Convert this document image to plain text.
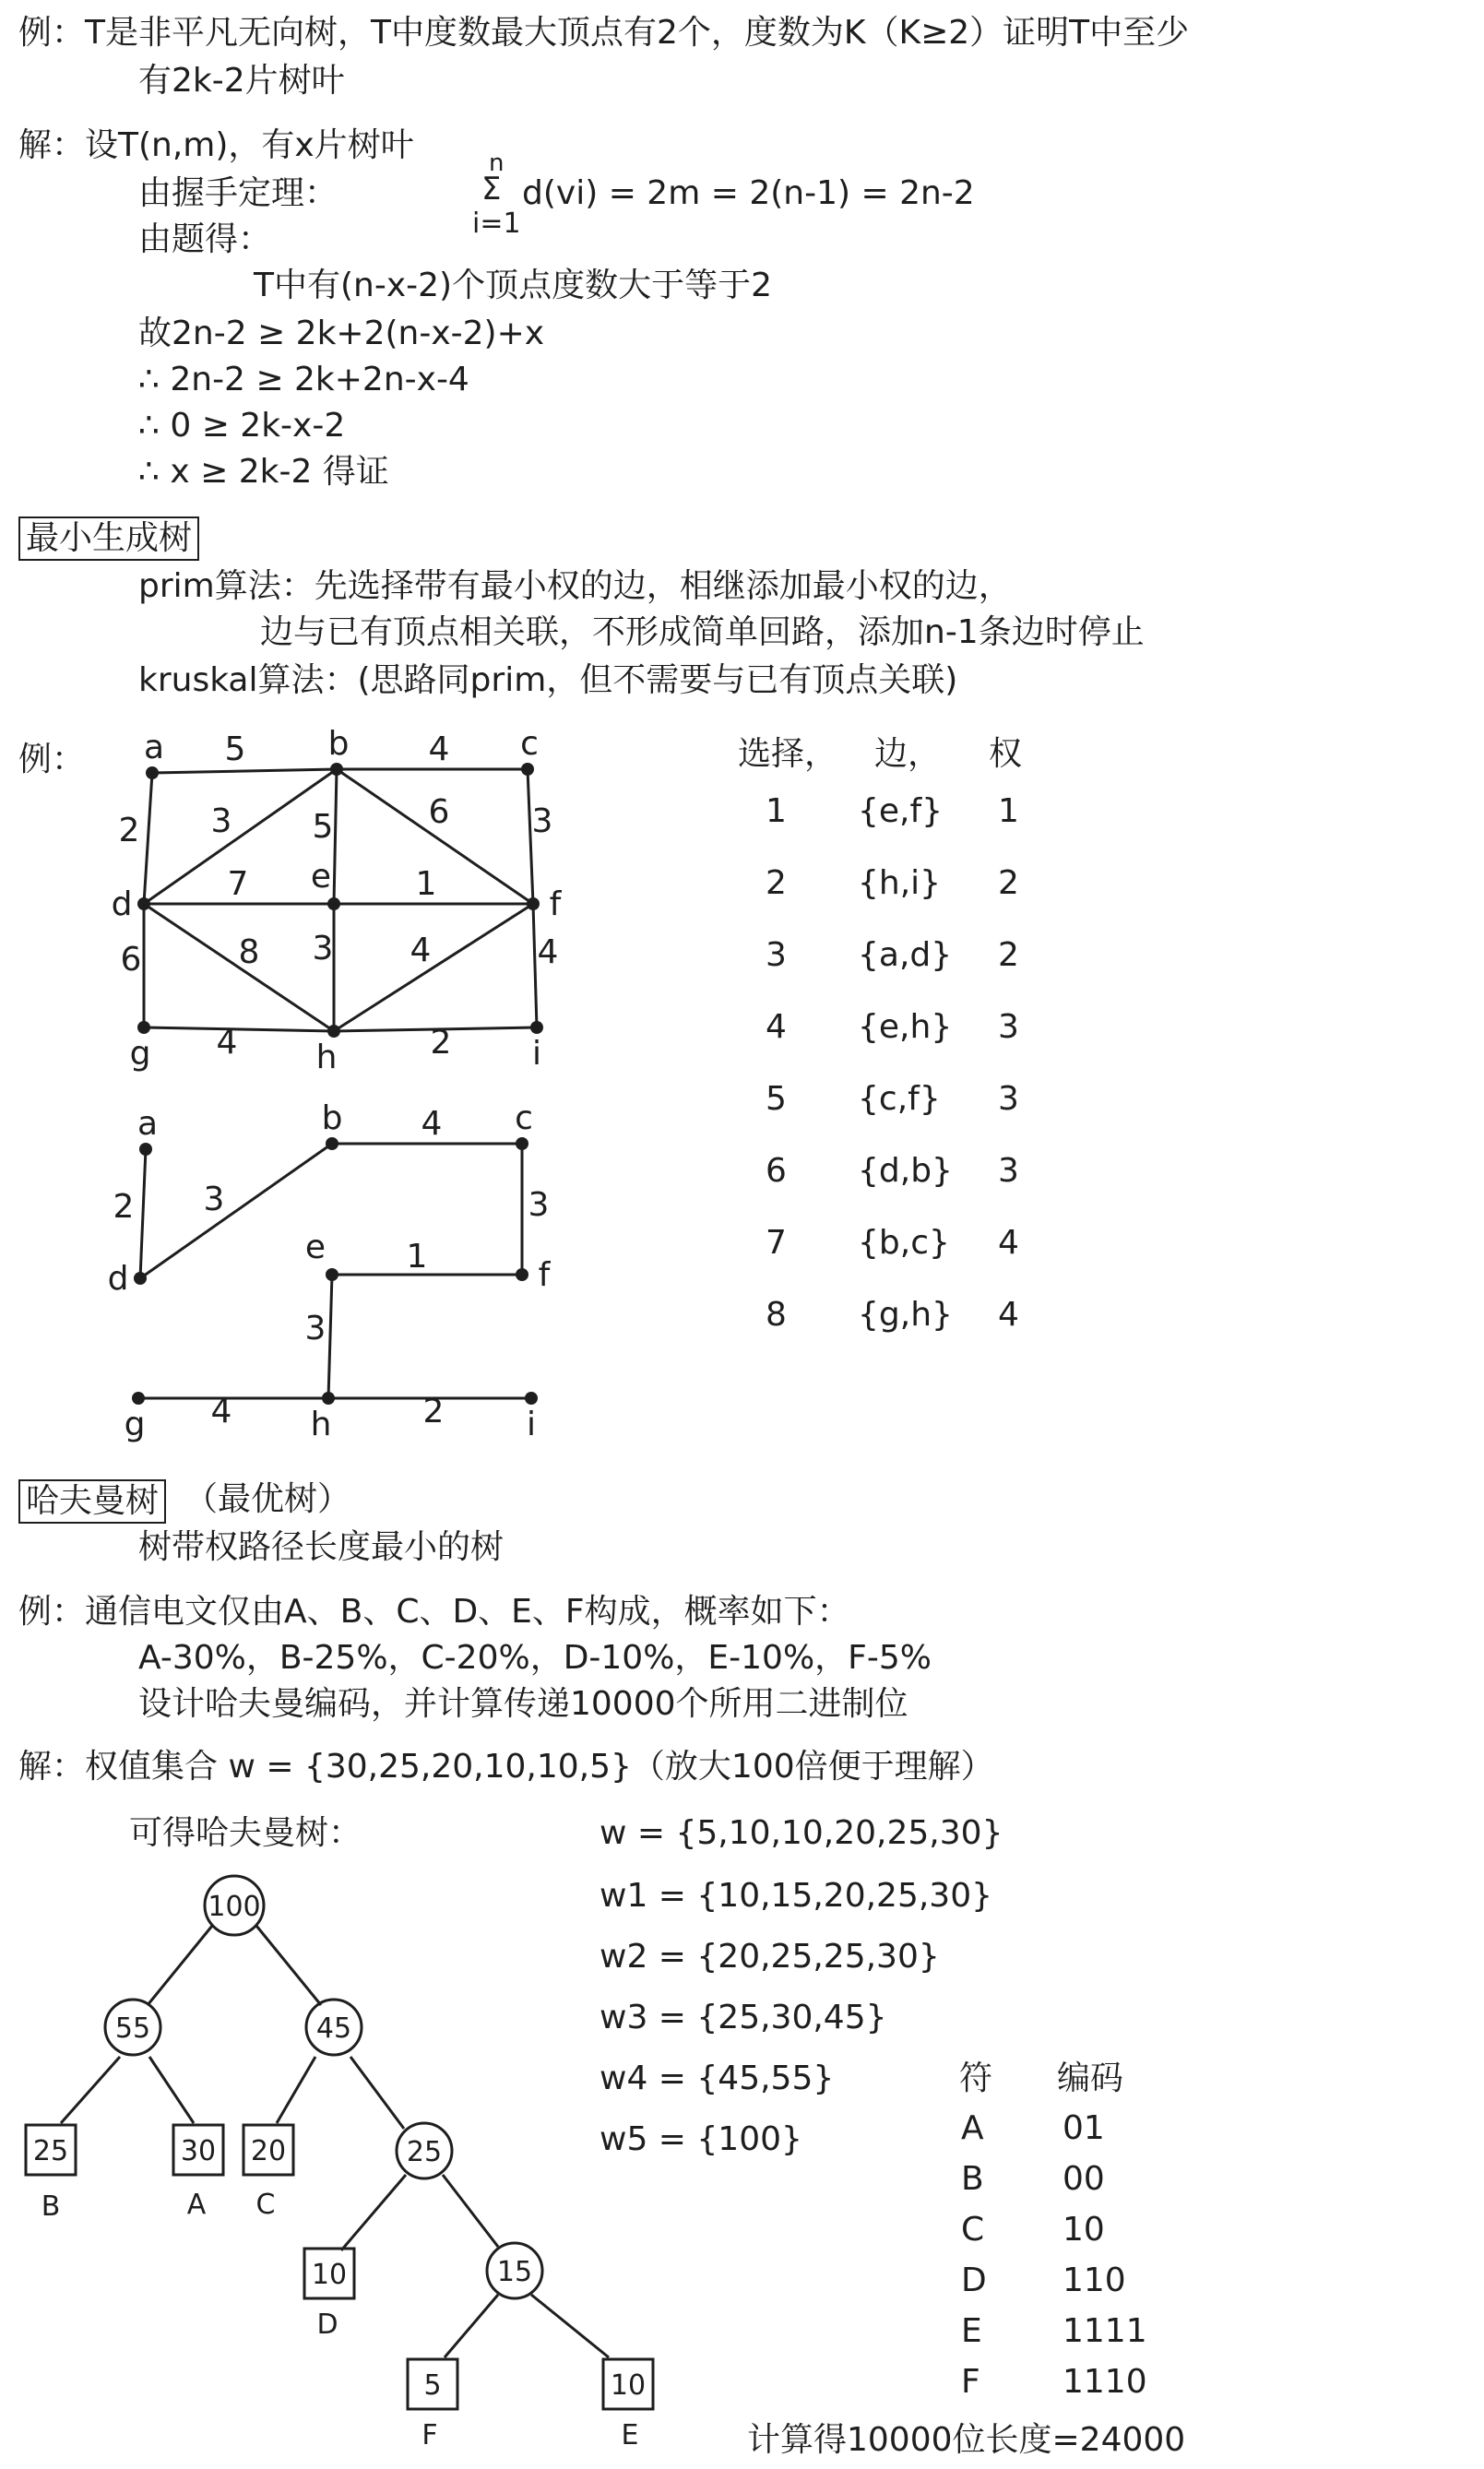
例：T是非平凡无向树，T中度数最大顶点有2个，度数为K（K≥2）证明T中至少
有2k-2片树叶
解：设T(n,m)，有x片树叶
由握手定理：
n
Σ
i=1
d(vi) = 2m = 2(n-1) = 2n-2
由题得：
T中有(n-x-2)个顶点度数大于等于2
故2n-2 ≥ 2k+2(n-x-2)+x
∴ 2n-2 ≥ 2k+2n-x-4
∴ 0 ≥ 2k-x-2
∴ x ≥ 2k-2 得证
最小生成树
prim算法：先选择带有最小权的边，相继添加最小权的边，
边与已有顶点相关联，不形成简单回路，添加n-1条边时停止
kruskal算法：(思路同prim，但不需要与已有顶点关联)
例：	选择， 边， 权
1 {e,f} 1
2 {h,i} 2
3 {a,d} 2
4 {e,h} 3
5 {c,f} 3
6 {d,b} 3
7 {b,c} 4
8 {g,h} 4
哈夫曼树 （最优树）
树带权路径长度最小的树
例：通信电文仅由A、B、C、D、E、F构成，概率如下：
A-30%，B-25%，C-20%，D-10%，E-10%，F-5%
设计哈夫曼编码，并计算传递10000个所用二进制位
解：权值集合 w = {30,25,20,10,10,5}（放大100倍便于理解）
可得哈夫曼树：	w = {5,10,10,20,25,30}
w1 = {10,15,20,25,30}
w2 = {20,25,25,30}
w3 = {25,30,45}
w4 = {45,55}
w5 = {100}
符 编码
A 01
B 00
C 10
D 110
E 1111
F 1110
计算得10000位长度=24000
5	4
2 3 5	6 3
7	1
6	8 3 4	4
4	2
a	b	c
d
e
f
g	h	i
2 3
4
3
1
3
4	2
a	b	c
d
e
f
g	h	i
100
55	45
25
15
25	30 20
10
5	10
B	A C
D
F	E
